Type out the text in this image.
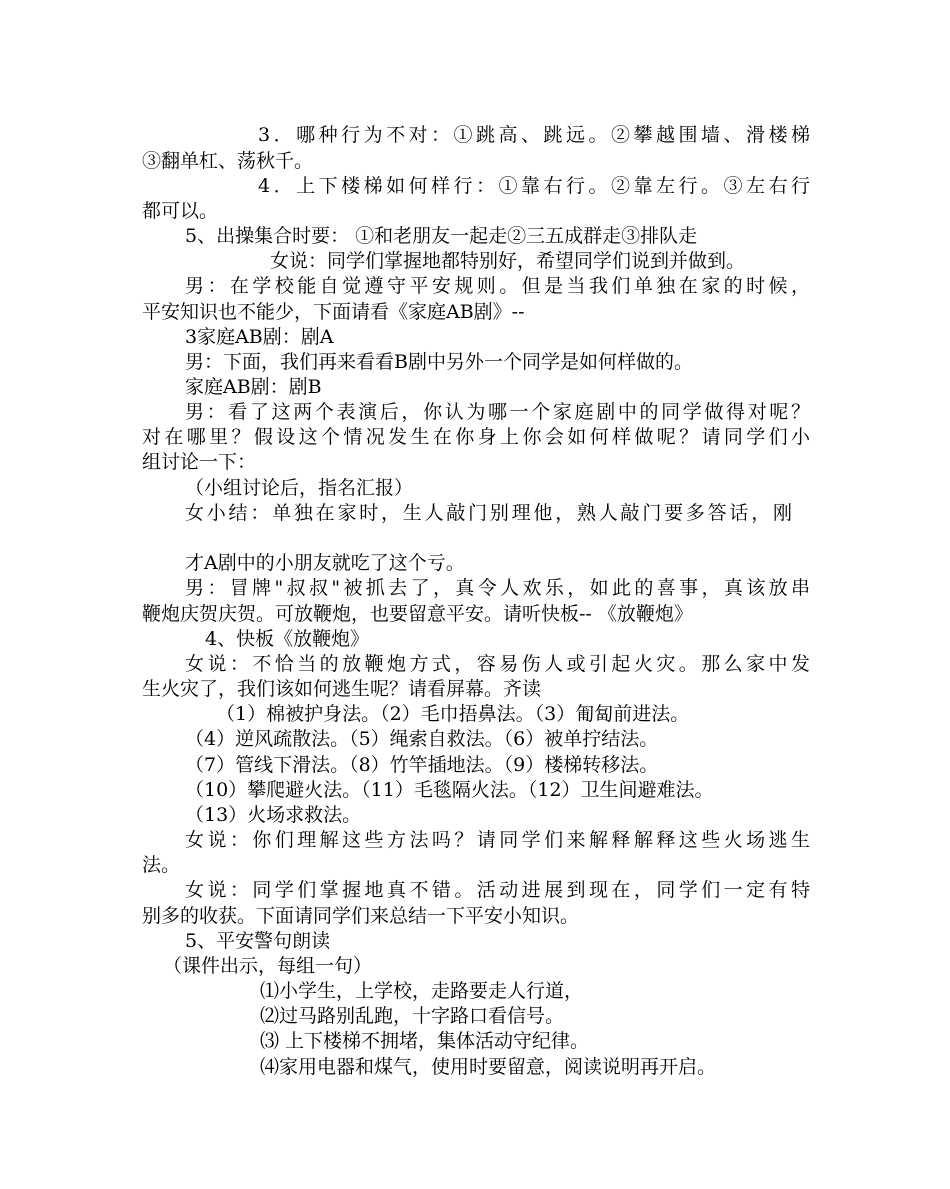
3．哪种行为不对：①跳高、跳远。②攀越围墙、滑楼梯
③翻单杠、荡秋千。
4．上下楼梯如何样行：①靠右行。②靠左行。③左右行
都可以。
5、出操集合时要： ①和老朋友一起走②三五成群走③排队走
女说：同学们掌握地都特别好，希望同学们说到并做到。
男：在学校能自觉遵守平安规则。但是当我们单独在家的时候，
平安知识也不能少，下面请看《家庭AB剧》--
3家庭AB剧：剧A
男：下面，我们再来看看B剧中另外一个同学是如何样做的。
家庭AB剧：剧B
男：看了这两个表演后，你认为哪一个家庭剧中的同学做得对呢？
对在哪里？假设这个情况发生在你身上你会如何样做呢？请同学们小
组讨论一下：
（小组讨论后，指名汇报）
女小结：单独在家时，生人敲门别理他，熟人敲门要多答话，刚
才A剧中的小朋友就吃了这个亏。
男：冒牌"叔叔"被抓去了，真令人欢乐，如此的喜事，真该放串
鞭炮庆贺庆贺。可放鞭炮，也要留意平安。请听快板-- 《放鞭炮》
4、快板《放鞭炮》
女说：不恰当的放鞭炮方式，容易伤人或引起火灾。那么家中发
生火灾了，我们该如何逃生呢？请看屏幕。齐读
（1）棉被护身法。（2）毛巾捂鼻法。（3）匍匐前进法。
（4）逆风疏散法。（5）绳索自救法。（6）被单拧结法。
（7）管线下滑法。（8）竹竿插地法。（9）楼梯转移法。
（10）攀爬避火法。（11）毛毯隔火法。（12）卫生间避难法。
（13）火场求救法。
女说：你们理解这些方法吗？请同学们来解释解释这些火场逃生
法。
女说：同学们掌握地真不错。活动进展到现在，同学们一定有特
别多的收获。下面请同学们来总结一下平安小知识。
5、平安警句朗读
（课件出示，每组一句）
⑴小学生，上学校，走路要走人行道，
⑵过马路别乱跑，十字路口看信号。
⑶ 上下楼梯不拥堵，集体活动守纪律。
⑷家用电器和煤气，使用时要留意，阅读说明再开启。
